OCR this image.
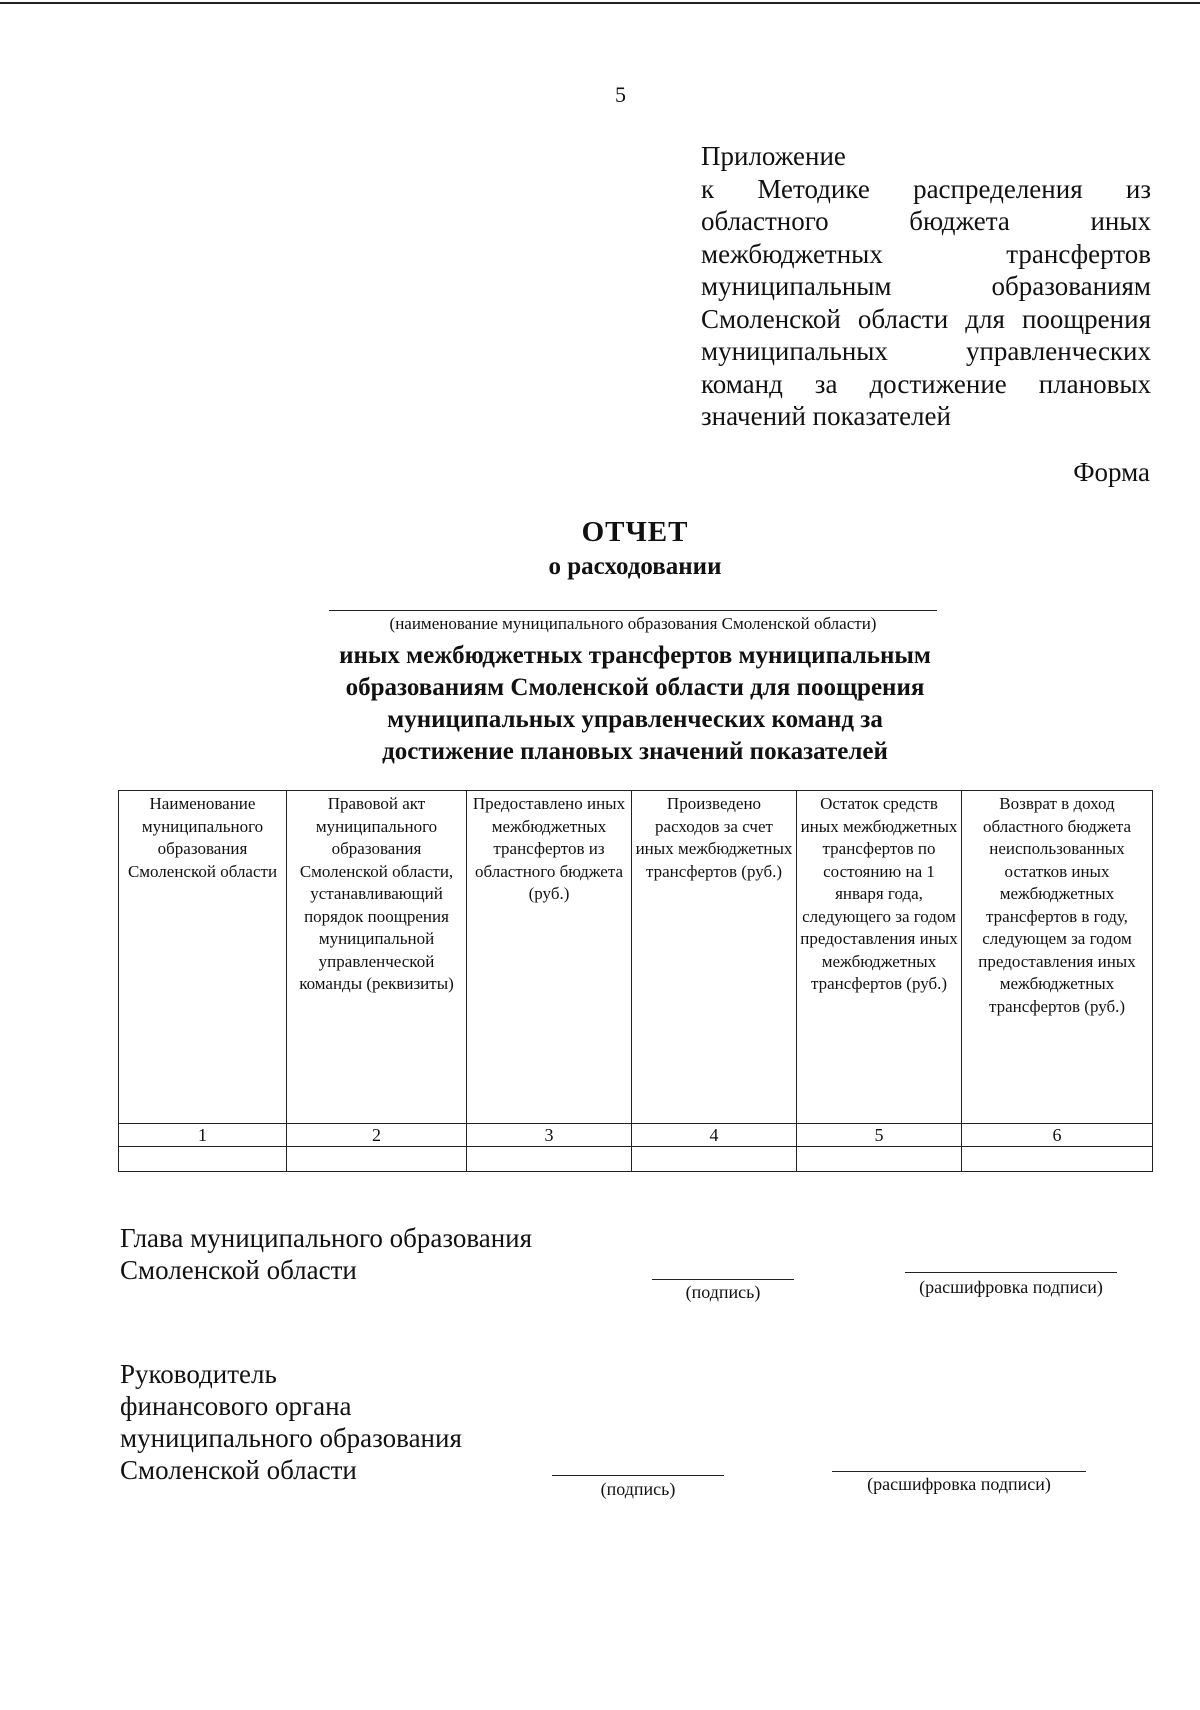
5
Приложение
к Методике распределения из
областного бюджета иных
межбюджетных трансфертов
муниципальным образованиям
Смоленской области для поощрения
муниципальных управленческих
команд за достижение плановых
значений показателей
Форма
ОТЧЕТ
о расходовании
(наименование муниципального образования Смоленской области)
иных межбюджетных трансфертов муниципальным
образованиям Смоленской области для поощрения
муниципальных управленческих команд за
достижение плановых значений показателей
Наименование муниципального образования Смоленской области	Правовой акт муниципального образования Смоленской области, устанавливающий порядок поощрения муниципальной управленческой команды (реквизиты)	Предоставлено иных межбюджетных трансфертов из областного бюджета (руб.)	Произведено расходов за счет иных межбюджетных трансфертов (руб.)	Остаток средств иных межбюджетных трансфертов по состоянию на 1 января года, следующего за годом предоставления иных межбюджетных трансфертов (руб.)	Возврат в доход областного бюджета неиспользованных остатков иных межбюджетных трансфертов в году, следующем за годом предоставления иных межбюджетных трансфертов (руб.)
1	2	3	4	5	6

Глава муниципального образования
Смоленской области
(подпись)	(расшифровка подписи)
Руководитель
финансового органа
муниципального образования
Смоленской области
(подпись)	(расшифровка подписи)
